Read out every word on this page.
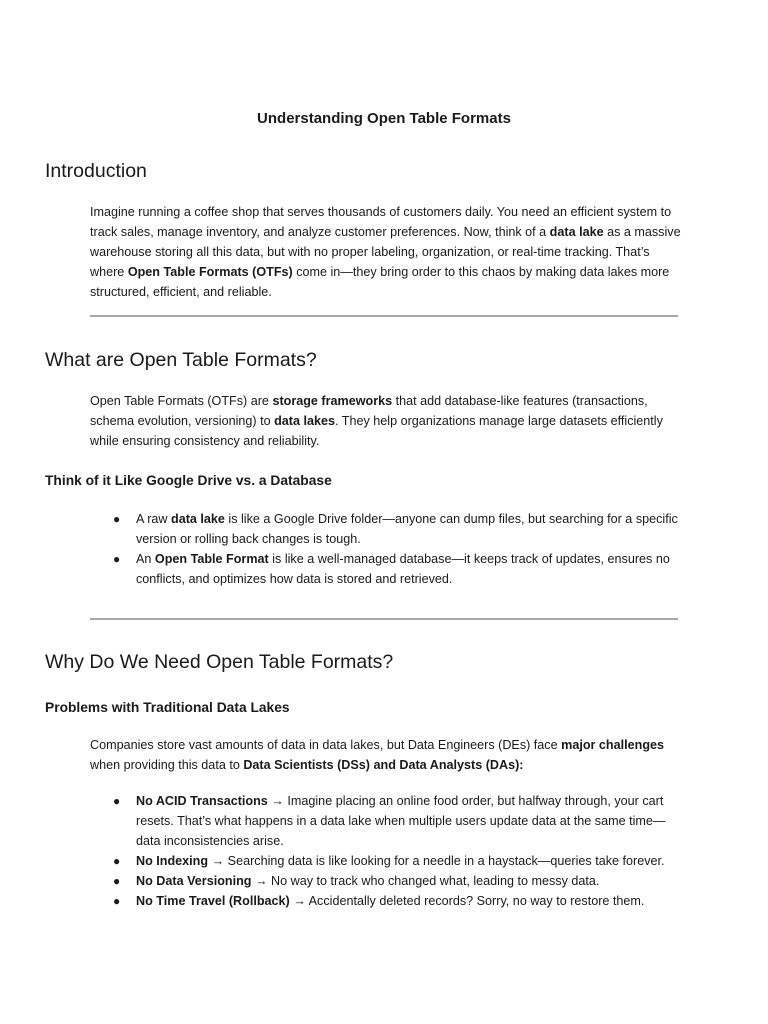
Understanding Open Table Formats
Introduction

Imagine running a coffee shop that serves thousands of customers daily. You need an efficient system to track sales, manage inventory, and analyze customer preferences. Now, think of a data lake as a massive warehouse storing all this data, but with no proper labeling, organization, or real-time tracking. That’s where Open Table Formats (OTFs) come in—they bring order to this chaos by making data lakes more structured, efficient, and reliable.

What are Open Table Formats?

Open Table Formats (OTFs) are storage frameworks that add database-like features (transactions, schema evolution, versioning) to data lakes. They help organizations manage large datasets efficiently while ensuring consistency and reliability.

Think of it Like Google Drive vs. a Database
● A raw data lake is like a Google Drive folder—anyone can dump files, but searching for a specific version or rolling back changes is tough.
● An Open Table Format is like a well-managed database—it keeps track of updates, ensures no conflicts, and optimizes how data is stored and retrieved.
Why Do We Need Open Table Formats?
Problems with Traditional Data Lakes

Companies store vast amounts of data in data lakes, but Data Engineers (DEs) face major challenges when providing this data to Data Scientists (DSs) and Data Analysts (DAs):

● No ACID Transactions → Imagine placing an online food order, but halfway through, your cart resets. That’s what happens in a data lake when multiple users update data at the same time—data inconsistencies arise.
● No Indexing → Searching data is like looking for a needle in a haystack—queries take forever.
● No Data Versioning → No way to track who changed what, leading to messy data.
● No Time Travel (Rollback) → Accidentally deleted records? Sorry, no way to restore them.
